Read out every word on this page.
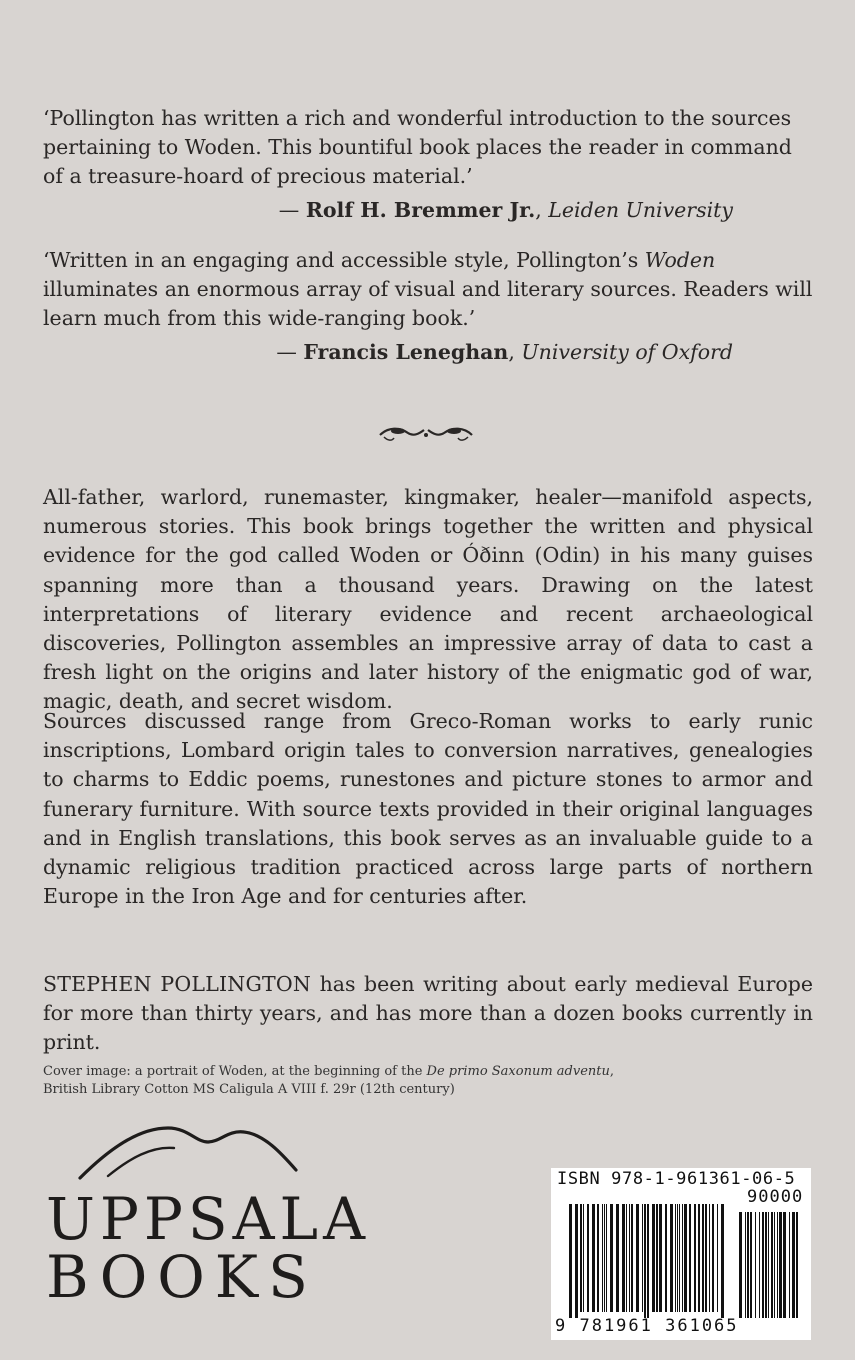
‘Pollington has written a rich and wonderful introduction to the sources pertaining to Woden. This bountiful book places the reader in command of a treasure-hoard of precious material.’

— Rolf H. Bremmer Jr., Leiden University

‘Written in an engaging and accessible style, Pollington’s Woden illuminates an enormous array of visual and literary sources. Readers will learn much from this wide-ranging book.’

— Francis Leneghan, University of Oxford

All-father, warlord, runemaster, kingmaker, healer—manifold aspects, numerous stories. This book brings together the written and physical evidence for the god called Woden or Óðinn (Odin) in his many guises spanning more than a thousand years. Drawing on the latest interpretations of literary evidence and recent archaeological discoveries, Pollington assembles an impressive array of data to cast a fresh light on the origins and later history of the enigmatic god of war, magic, death, and secret wisdom.

Sources discussed range from Greco-Roman works to early runic inscriptions, Lombard origin tales to conversion narratives, genealogies to charms to Eddic poems, runestones and picture stones to armor and funerary furniture. With source texts provided in their original languages and in English translations, this book serves as an invaluable guide to a dynamic religious tradition practiced across large parts of northern Europe in the Iron Age and for centuries after.

STEPHEN POLLINGTON has been writing about early medieval Europe for more than thirty years, and has more than a dozen books currently in print.

Cover image: a portrait of Woden, at the beginning of the De primo Saxonum adventu,
British Library Cotton MS Caligula A VIII f. 29r (12th century)
UPPSALA
BOOKS
ISBN 978-1-961361-06-5
90000
9 781961 361065
